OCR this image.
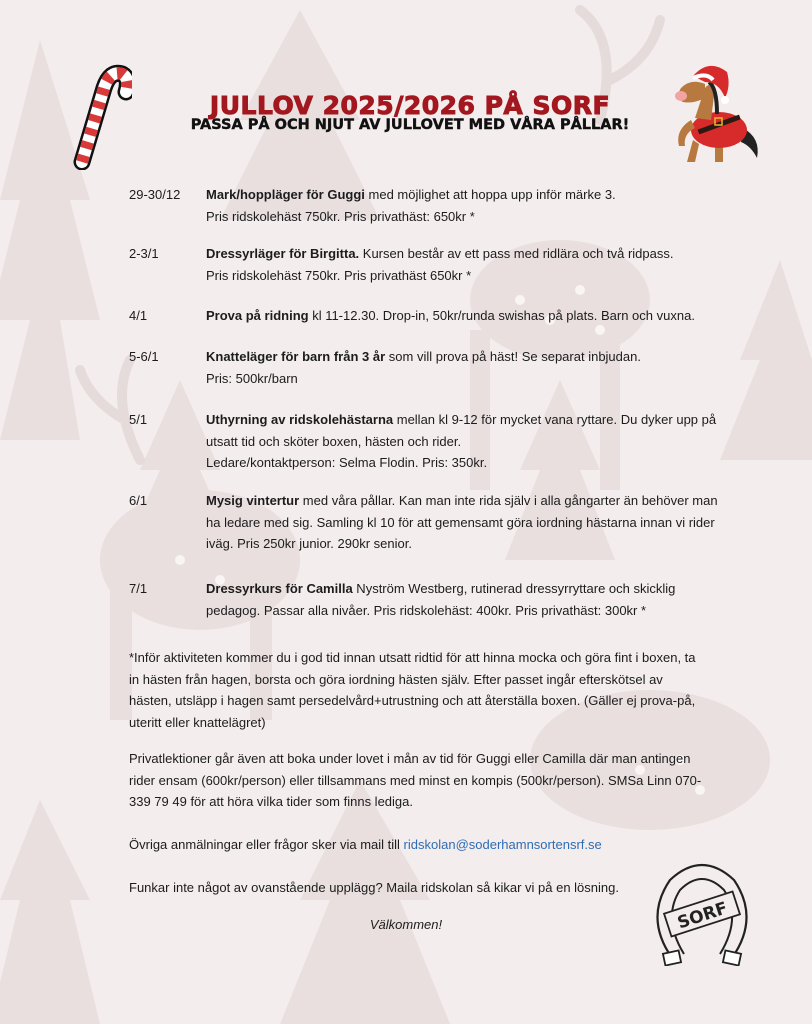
JULLOV 2025/2026 PÅ SORF
PASSA PÅ OCH NJUT AV JULLOVET MED VÅRA PÅLLAR!
29-30/12	Mark/hoppläger för Guggi med möjlighet att hoppa upp inför märke 3.
Pris ridskolehäst 750kr. Pris privathäst: 650kr *
2-3/1	Dressyrläger för Birgitta. Kursen består av ett pass med ridlära och två ridpass.
Pris ridskolehäst 750kr. Pris privathäst 650kr *
4/1	Prova på ridning kl 11-12.30. Drop-in, 50kr/runda swishas på plats. Barn och vuxna.
5-6/1	Knatteläger för barn från 3 år som vill prova på häst! Se separat inbjudan.
Pris: 500kr/barn
5/1	Uthyrning av ridskolehästarna mellan kl 9-12 för mycket vana ryttare. Du dyker upp på utsatt tid och sköter boxen, hästen och rider.
Ledare/kontaktperson: Selma Flodin. Pris: 350kr.
6/1	Mysig vintertur med våra pållar. Kan man inte rida själv i alla gångarter än behöver man ha ledare med sig. Samling kl 10 för att gemensamt göra iordning hästarna innan vi rider iväg. Pris 250kr junior. 290kr senior.
7/1	Dressyrkurs för Camilla Nyström Westberg, rutinerad dressyrryttare och skicklig pedagog. Passar alla nivåer. Pris ridskolehäst: 400kr. Pris privathäst: 300kr *

*Inför aktiviteten kommer du i god tid innan utsatt ridtid för att hinna mocka och göra fint i boxen, ta in hästen från hagen, borsta och göra iordning hästen själv. Efter passet ingår efterskötsel av hästen, utsläpp i hagen samt persedelvård+utrustning och att återställa boxen. (Gäller ej prova-på, uteritt eller knattelägret)

Privatlektioner går även att boka under lovet i mån av tid för Guggi eller Camilla där man antingen rider ensam (600kr/person) eller tillsammans med minst en kompis (500kr/person). SMSa Linn 070-339 79 49 för att höra vilka tider som finns lediga.

Övriga anmälningar eller frågor sker via mail till ridskolan@soderhamnsortensrf.se

Funkar inte något av ovanstående upplägg? Maila ridskolan så kikar vi på en lösning.

Välkommen!	SORF
